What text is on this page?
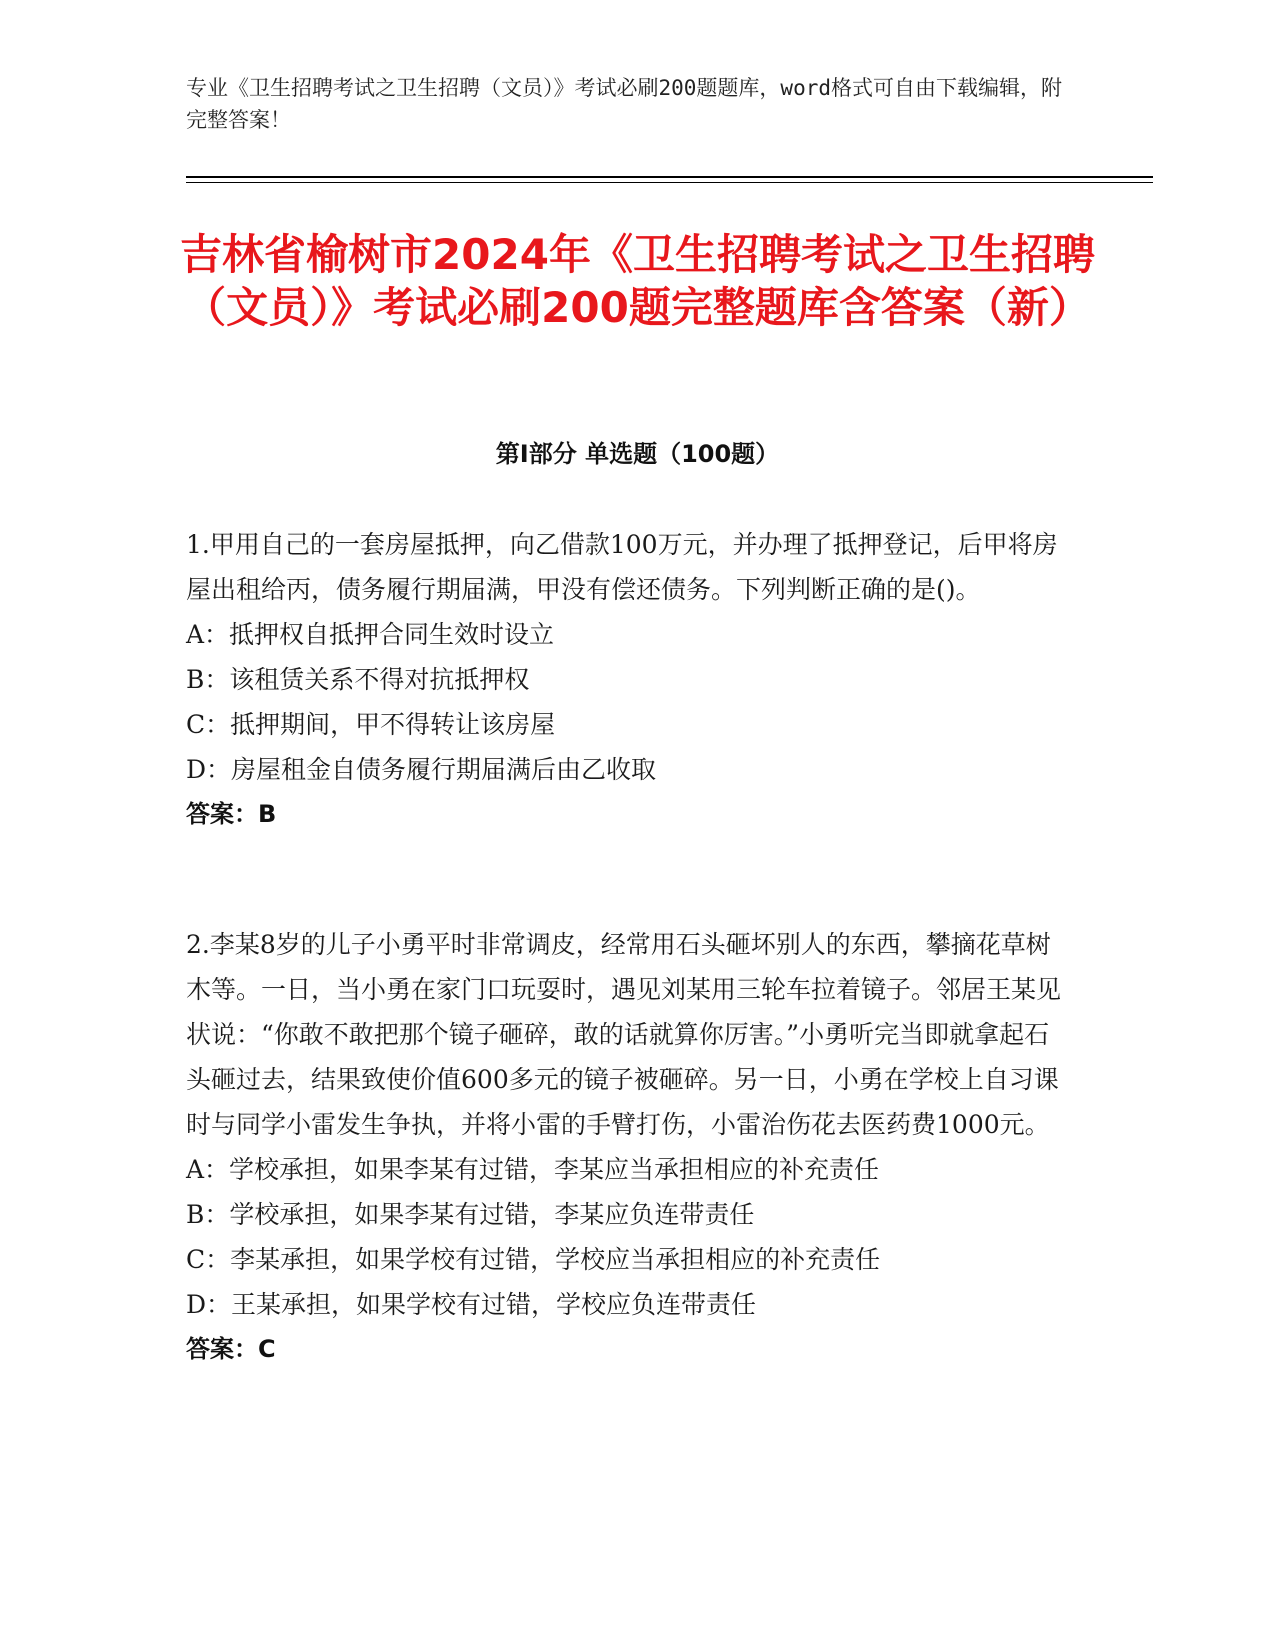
专业《卫生招聘考试之卫生招聘（文员）》考试必刷200题题库，word格式可自由下载编辑，附完整答案！
吉林省榆树市2024年《卫生招聘考试之卫生招聘（文员）》考试必刷200题完整题库含答案（新）
第I部分 单选题（100题）

1.甲用自己的一套房屋抵押，向乙借款100万元，并办理了抵押登记，后甲将房屋出租给丙，债务履行期届满，甲没有偿还债务。下列判断正确的是()。

A：抵押权自抵押合同生效时设立

B：该租赁关系不得对抗抵押权

C：抵押期间，甲不得转让该房屋

D：房屋租金自债务履行期届满后由乙收取

答案：B

2.李某8岁的儿子小勇平时非常调皮，经常用石头砸坏别人的东西，攀摘花草树木等。一日，当小勇在家门口玩耍时，遇见刘某用三轮车拉着镜子。邻居王某见状说：“你敢不敢把那个镜子砸碎，敢的话就算你厉害。”小勇听完当即就拿起石头砸过去，结果致使价值600多元的镜子被砸碎。另一日，小勇在学校上自习课时与同学小雷发生争执，并将小雷的手臂打伤，小雷治伤花去医药费1000元。

A：学校承担，如果李某有过错，李某应当承担相应的补充责任

B：学校承担，如果李某有过错，李某应负连带责任

C：李某承担，如果学校有过错，学校应当承担相应的补充责任

D：王某承担，如果学校有过错，学校应负连带责任

答案：C
